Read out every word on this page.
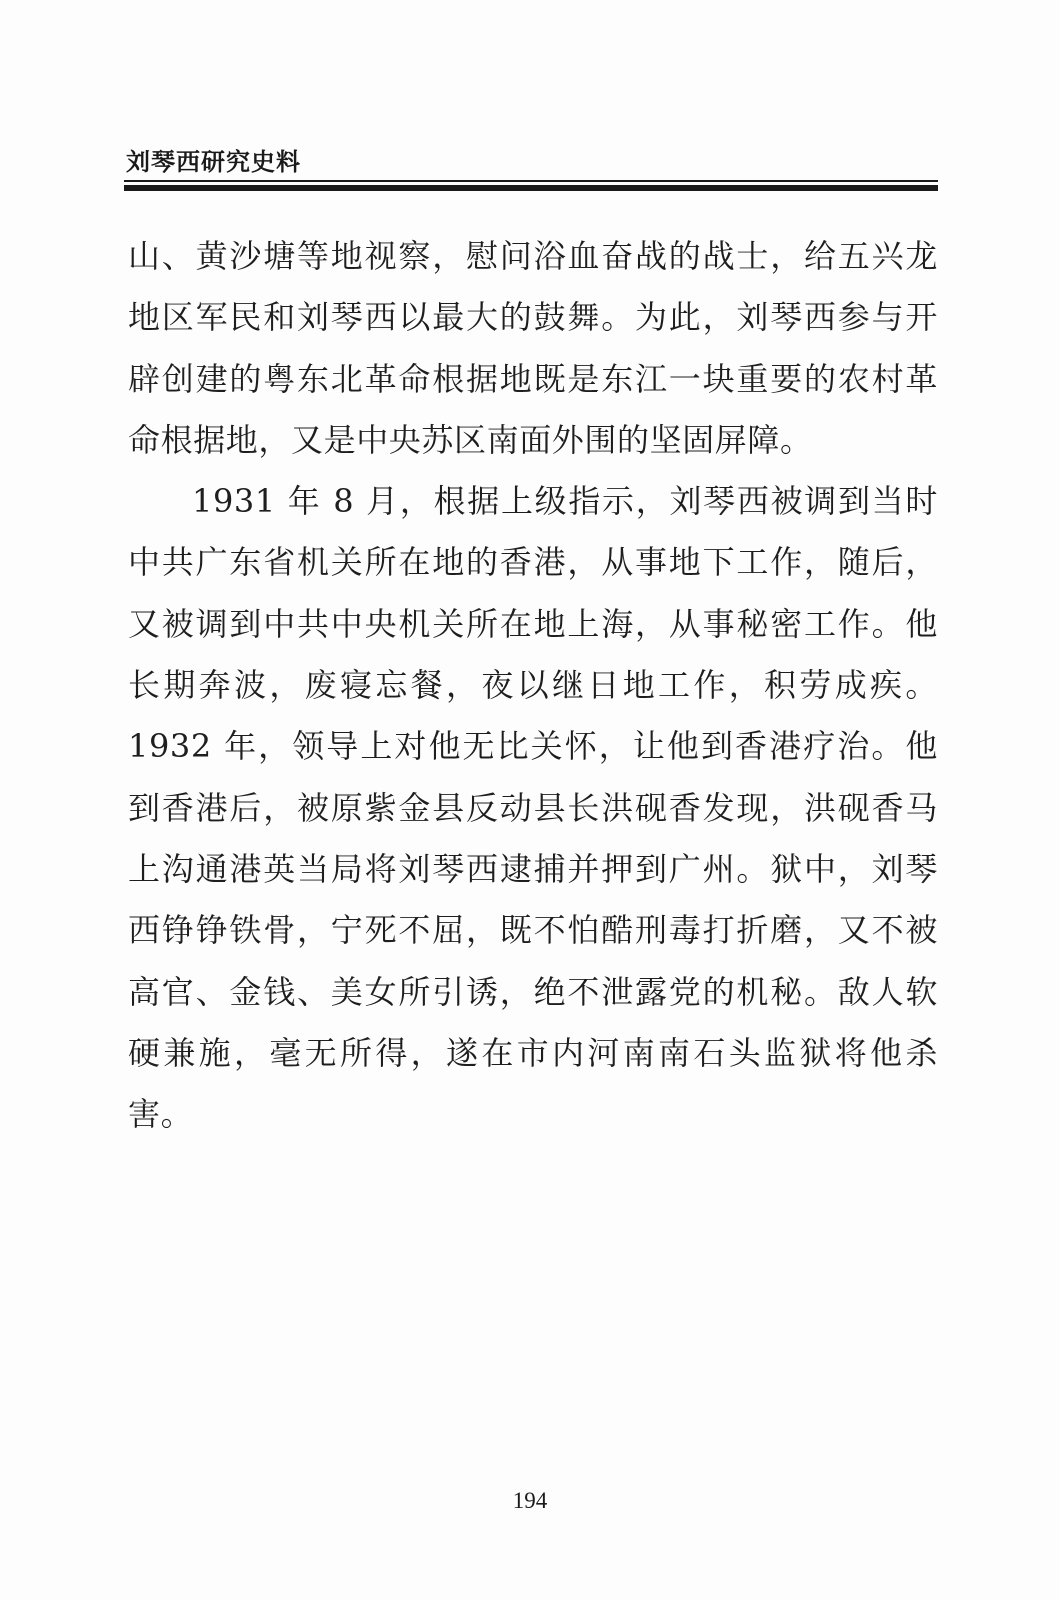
刘琴西研究史料

山、黄沙塘等地视察，慰问浴血奋战的战士，给五兴龙地区军民和刘琴西以最大的鼓舞。为此，刘琴西参与开辟创建的粤东北革命根据地既是东江一块重要的农村革命根据地，又是中央苏区南面外围的坚固屏障。

1931 年 8 月，根据上级指示，刘琴西被调到当时中共广东省机关所在地的香港，从事地下工作，随后，又被调到中共中央机关所在地上海，从事秘密工作。他长期奔波，废寝忘餐，夜以继日地工作，积劳成疾。1932 年，领导上对他无比关怀，让他到香港疗治。他到香港后，被原紫金县反动县长洪砚香发现，洪砚香马上沟通港英当局将刘琴西逮捕并押到广州。狱中，刘琴西铮铮铁骨，宁死不屈，既不怕酷刑毒打折磨，又不被高官、金钱、美女所引诱，绝不泄露党的机秘。敌人软硬兼施，毫无所得，遂在市内河南南石头监狱将他杀害。

194
